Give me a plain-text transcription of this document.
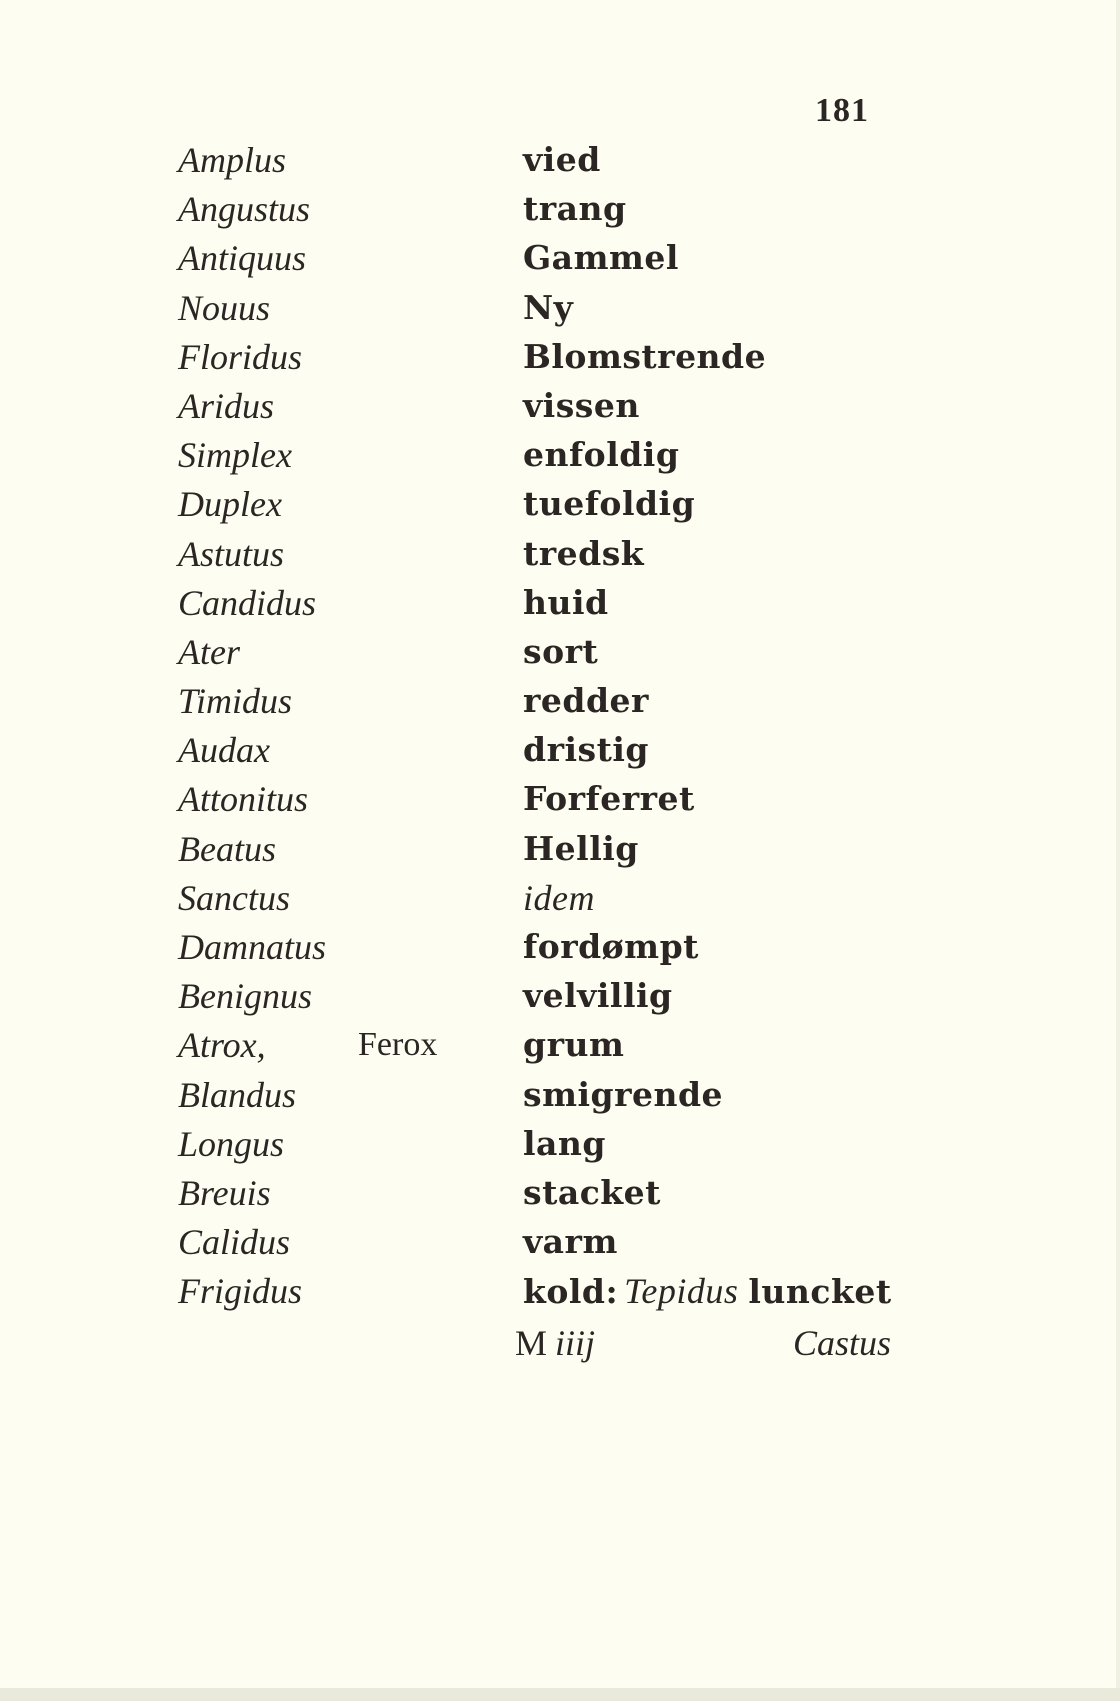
181
Amplus	vied
Angustus	trang
Antiquus	Gammel
Nouus	Ny
Floridus	Blomstrende
Aridus	vissen
Simplex	enfoldig
Duplex	tuefoldig
Astutus	tredsk
Candidus	huid
Ater	sort
Timidus	redder
Audax	dristig
Attonitus	Forferret
Beatus	Hellig
Sanctus	idem
Damnatus	fordømpt
Benignus	velvillig
Atrox,	Ferox	grum
Blandus	smigrende
Longus	lang
Breuis	stacket
Calidus	varm
Frigidus	kold: Tepidus luncket
M iiij	Castus
